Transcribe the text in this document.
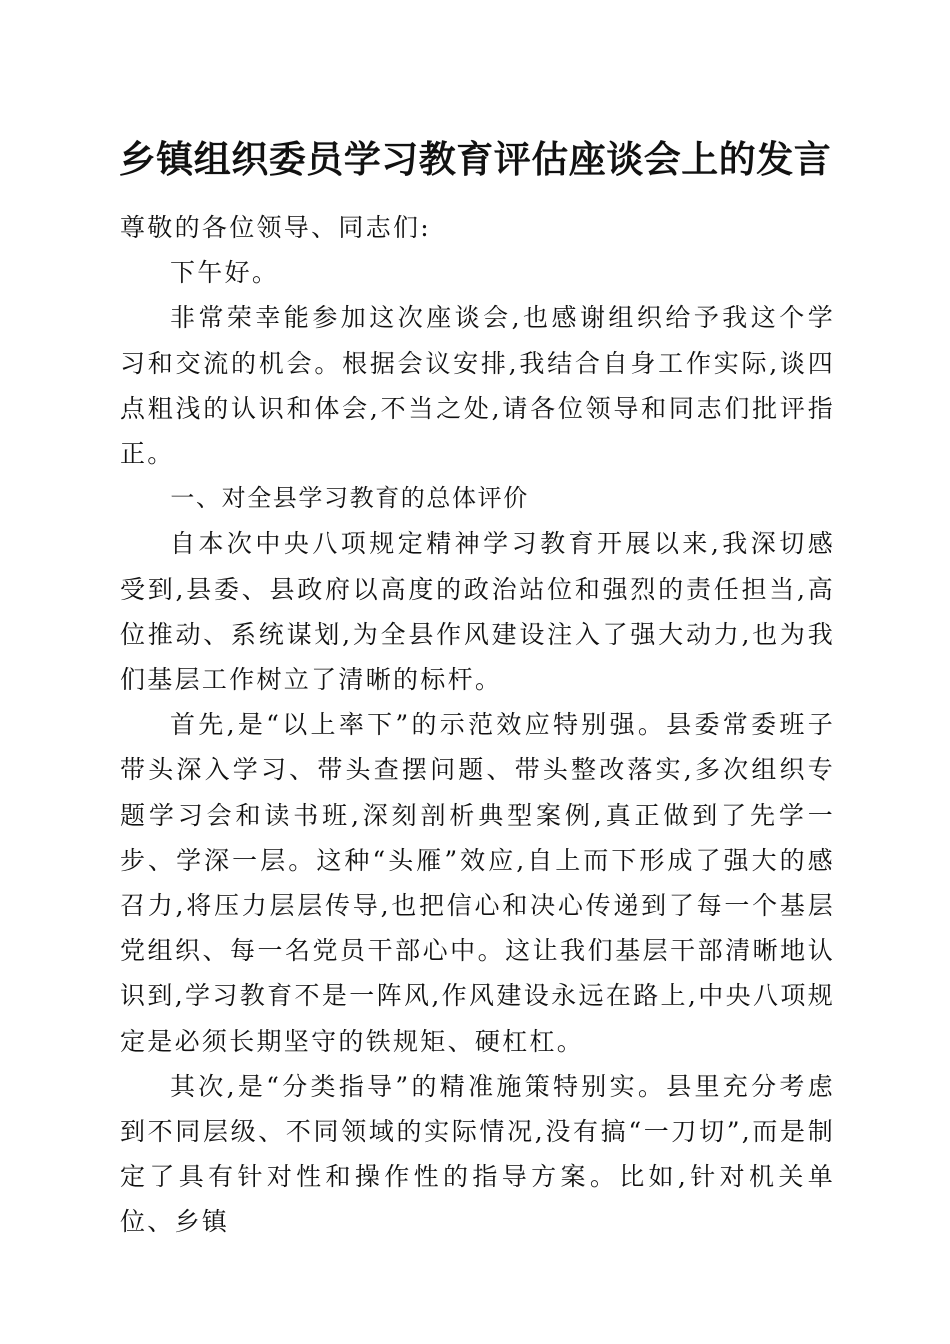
乡镇组织委员学习教育评估座谈会上的发言

尊敬的各位领导、同志们:

下午好。

非常荣幸能参加这次座谈会,也感谢组织给予我这个学习和交流的机会。根据会议安排,我结合自身工作实际,谈四点粗浅的认识和体会,不当之处,请各位领导和同志们批评指正。

一、对全县学习教育的总体评价

自本次中央八项规定精神学习教育开展以来,我深切感受到,县委、县政府以高度的政治站位和强烈的责任担当,高位推动、系统谋划,为全县作风建设注入了强大动力,也为我们基层工作树立了清晰的标杆。

首先,是“以上率下”的示范效应特别强。县委常委班子带头深入学习、带头查摆问题、带头整改落实,多次组织专题学习会和读书班,深刻剖析典型案例,真正做到了先学一步、学深一层。这种“头雁”效应,自上而下形成了强大的感召力,将压力层层传导,也把信心和决心传递到了每一个基层党组织、每一名党员干部心中。这让我们基层干部清晰地认识到,学习教育不是一阵风,作风建设永远在路上,中央八项规定是必须长期坚守的铁规矩、硬杠杠。

其次,是“分类指导”的精准施策特别实。县里充分考虑到不同层级、不同领域的实际情况,没有搞“一刀切”,而是制定了具有针对性和操作性的指导方案。比如,针对机关单位、乡镇
